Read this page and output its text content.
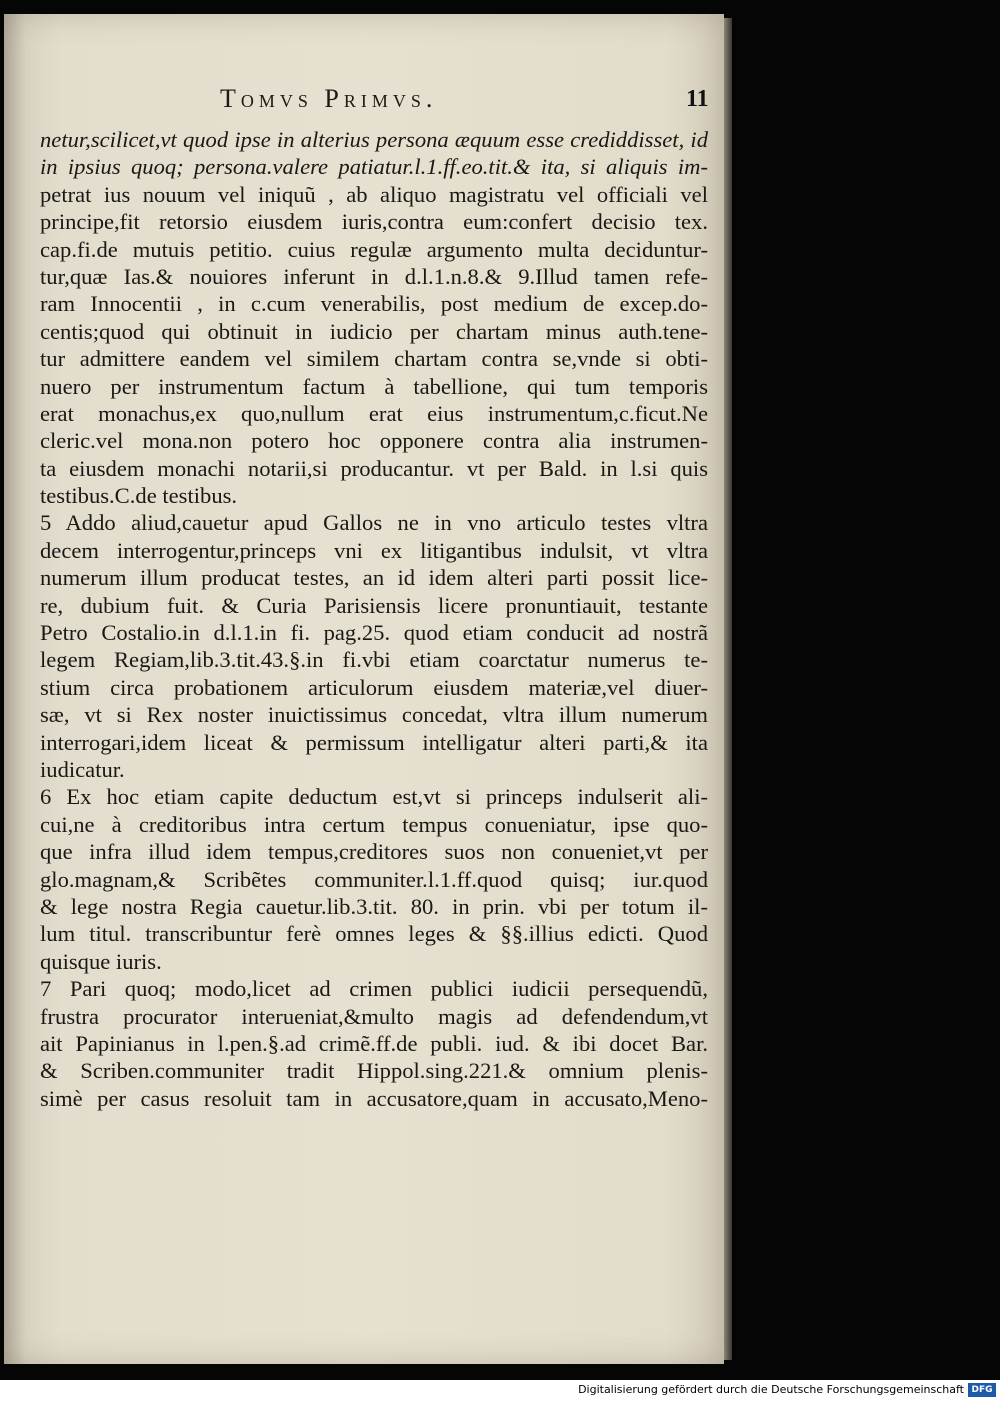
Tomvs Primvs.	11
netur,scilicet,vt quod ipse in alterius persona æquum esse crediddisset, id
in ipsius quoq; persona.valere patiatur.l.1.ff.eo.tit.& ita, si aliquis im-
petrat ius nouum vel iniquũ , ab aliquo magistratu vel officiali vel
principe,fit retorsio eiusdem iuris,contra eum:confert decisio tex.
cap.fi.de mutuis petitio. cuius regulæ argumento multa deciduntur-
tur,quæ Ias.& nouiores inferunt in d.l.1.n.8.& 9.Illud tamen refe-
ram Innocentii , in c.cum venerabilis, post medium de excep.do-
centis;quod qui obtinuit in iudicio per chartam minus auth.tene-
tur admittere eandem vel similem chartam contra se,vnde si obti-
nuero per instrumentum factum à tabellione, qui tum temporis
erat monachus,ex quo,nullum erat eius instrumentum,c.ficut.Ne
cleric.vel mona.non potero hoc opponere contra alia instrumen-
ta eiusdem monachi notarii,si producantur. vt per Bald. in l.si quis
testibus.C.de testibus.
5 Addo aliud,cauetur apud Gallos ne in vno articulo testes vltra
decem interrogentur,princeps vni ex litigantibus indulsit, vt vltra
numerum illum producat testes, an id idem alteri parti possit lice-
re, dubium fuit. & Curia Parisiensis licere pronuntiauit, testante
Petro Costalio.in d.l.1.in fi. pag.25. quod etiam conducit ad nostrã
legem Regiam,lib.3.tit.43.§.in fi.vbi etiam coarctatur numerus te-
stium circa probationem articulorum eiusdem materiæ,vel diuer-
sæ, vt si Rex noster inuictissimus concedat, vltra illum numerum
interrogari,idem liceat & permissum intelligatur alteri parti,& ita
iudicatur.
6 Ex hoc etiam capite deductum est,vt si princeps indulserit ali-
cui,ne à creditoribus intra certum tempus conueniatur, ipse quo-
que infra illud idem tempus,creditores suos non conueniet,vt per
glo.magnam,& Scribẽtes communiter.l.1.ff.quod quisq; iur.quod
& lege nostra Regia cauetur.lib.3.tit. 80. in prin. vbi per totum il-
lum titul. transcribuntur ferè omnes leges & §§.illius edicti. Quod
quisque iuris.
7 Pari quoq; modo,licet ad crimen publici iudicii persequendũ,
frustra procurator interueniat,&multo magis ad defendendum,vt
ait Papinianus in l.pen.§.ad crimẽ.ff.de publi. iud. & ibi docet Bar.
& Scriben.communiter tradit Hippol.sing.221.& omnium plenis-
simè per casus resoluit tam in accusatore,quam in accusato,Meno-
Digitalisierung gefördert durch die Deutsche Forschungsgemeinschaft DFG
